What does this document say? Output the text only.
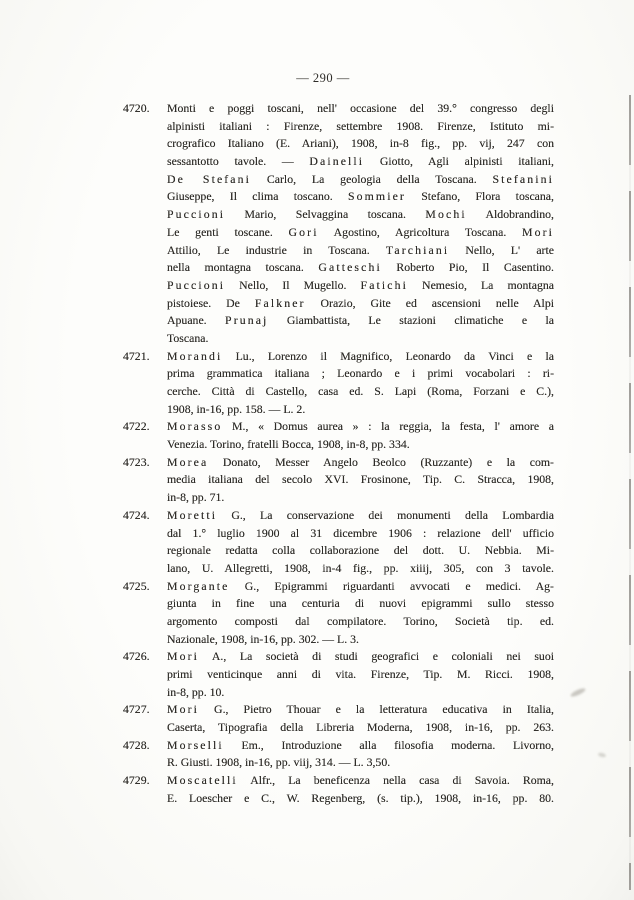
— 290 —
4720. Monti e poggi toscani, nell' occasione del 39.° congresso degli
alpinisti italiani : Firenze, settembre 1908. Firenze, Istituto mi-
crografico Italiano (E. Ariani), 1908, in-8 fig., pp. vij, 247 con
sessantotto tavole. — Dainelli Giotto, Agli alpinisti italiani,
De Stefani Carlo, La geologia della Toscana. Stefanini
Giuseppe, Il clima toscano. Sommier Stefano, Flora toscana,
Puccioni Mario, Selvaggina toscana. Mochi Aldobrandino,
Le genti toscane. Gori Agostino, Agricoltura Toscana. Mori
Attilio, Le industrie in Toscana. Tarchiani Nello, L' arte
nella montagna toscana. Gatteschi Roberto Pio, Il Casentino.
Puccioni Nello, Il Mugello. Fatichi Nemesio, La montagna
pistoiese. De Falkner Orazio, Gite ed ascensioni nelle Alpi
Apuane. Prunaj Giambattista, Le stazioni climatiche e la
Toscana.
4721. Morandi Lu., Lorenzo il Magnifico, Leonardo da Vinci e la
prima grammatica italiana ; Leonardo e i primi vocabolari : ri-
cerche. Città di Castello, casa ed. S. Lapi (Roma, Forzani e C.),
1908, in-16, pp. 158. — L. 2.
4722. Morasso M., « Domus aurea » : la reggia, la festa, l' amore a
Venezia. Torino, fratelli Bocca, 1908, in-8, pp. 334.
4723. Morea Donato, Messer Angelo Beolco (Ruzzante) e la com-
media italiana del secolo XVI. Frosinone, Tip. C. Stracca, 1908,
in-8, pp. 71.
4724. Moretti G., La conservazione dei monumenti della Lombardia
dal 1.° luglio 1900 al 31 dicembre 1906 : relazione dell' ufficio
regionale redatta colla collaborazione del dott. U. Nebbia. Mi-
lano, U. Allegretti, 1908, in-4 fig., pp. xiiij, 305, con 3 tavole.
4725. Morgante G., Epigrammi riguardanti avvocati e medici. Ag-
giunta in fine una centuria di nuovi epigrammi sullo stesso
argomento composti dal compilatore. Torino, Società tip. ed.
Nazionale, 1908, in-16, pp. 302. — L. 3.
4726. Mori A., La società di studi geografici e coloniali nei suoi
primi venticinque anni di vita. Firenze, Tip. M. Ricci. 1908,
in-8, pp. 10.
4727. Mori G., Pietro Thouar e la letteratura educativa in Italia,
Caserta, Tipografia della Libreria Moderna, 1908, in-16, pp. 263.
4728. Morselli Em., Introduzione alla filosofia moderna. Livorno,
R. Giusti. 1908, in-16, pp. viij, 314. — L. 3,50.
4729. Moscatelli Alfr., La beneficenza nella casa di Savoia. Roma,
E. Loescher e C., W. Regenberg, (s. tip.), 1908, in-16, pp. 80.
